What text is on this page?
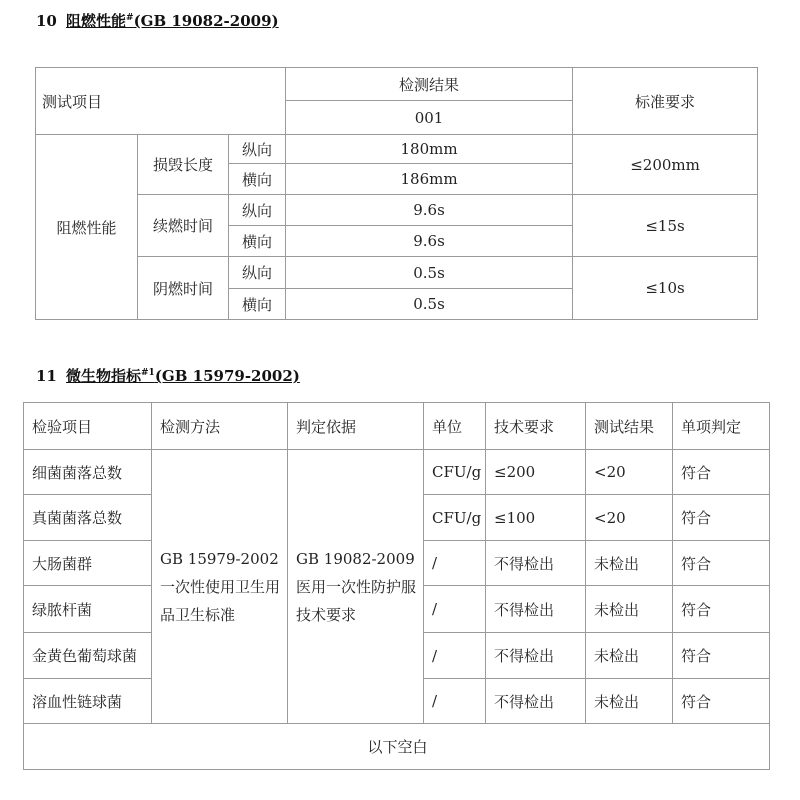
10 阻燃性能#(GB 19082-2009)
测试项目			检测结果	标准要求
			001	
阻燃性能	损毁长度	纵向	180mm	≤200mm
		横向	186mm	
	续燃时间	纵向	9.6s	≤15s
		横向	9.6s	
	阴燃时间	纵向	0.5s	≤10s
		横向	0.5s	
11 微生物指标$^{\#1}$(GB 15979-2002)
检验项目	检测方法	判定依据	单位	技术要求	测试结果	单项判定
细菌菌落总数	GB 15979-2002 一次性使用卫生用品卫生标准	GB 19082-2009 医用一次性防护服技术要求	CFU/g	≤200	<20	符合
真菌菌落总数			CFU/g	≤100	<20	符合
大肠菌群			/	不得检出	未检出	符合
绿脓杆菌			/	不得检出	未检出	符合
金黄色葡萄球菌			/	不得检出	未检出	符合
溶血性链球菌			/	不得检出	未检出	符合
以下空白						
